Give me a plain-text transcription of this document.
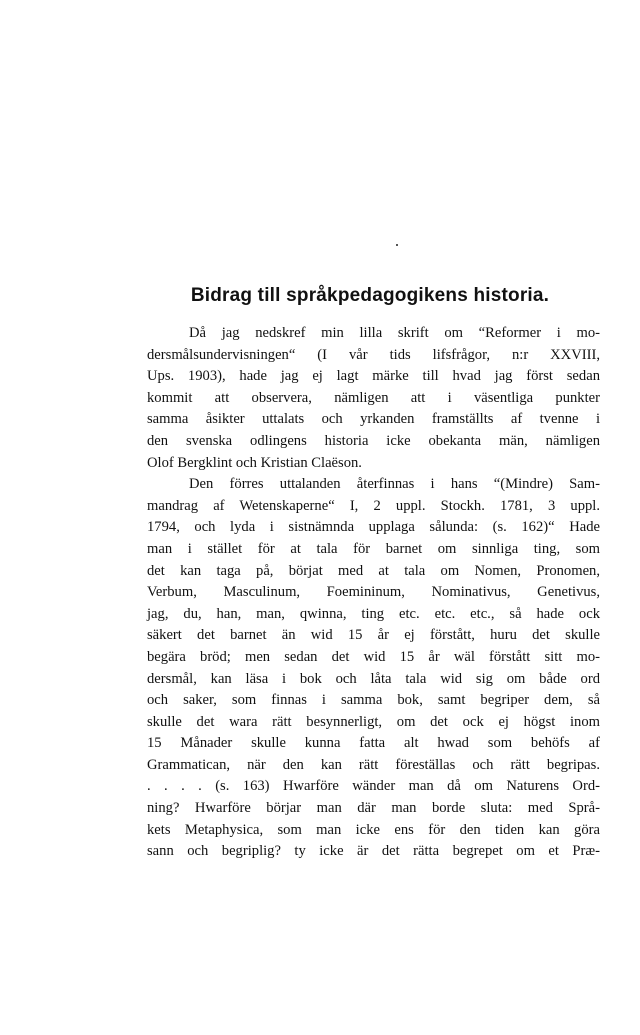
Bidrag till språkpedagogikens historia.
Då jag nedskref min lilla skrift om “Reformer i mo-
dersmålsundervisningen“ (I vår tids lifsfrågor, n:r XXVIII,
Ups. 1903), hade jag ej lagt märke till hvad jag först sedan
kommit att observera, nämligen att i väsentliga punkter
samma åsikter uttalats och yrkanden framställts af tvenne i
den svenska odlingens historia icke obekanta män, nämligen
Olof Bergklint och Kristian Claëson.
Den förres uttalanden återfinnas i hans “(Mindre) Sam-
mandrag af Wetenskaperne“ I, 2 uppl. Stockh. 1781, 3 uppl.
1794, och lyda i sistnämnda upplaga sålunda: (s. 162)“ Hade
man i stället för at tala för barnet om sinnliga ting, som
det kan taga på, börjat med at tala om Nomen, Pronomen,
Verbum, Masculinum, Foemininum, Nominativus, Genetivus,
jag, du, han, man, qwinna, ting etc. etc. etc., så hade ock
säkert det barnet än wid 15 år ej förstått, huru det skulle
begära bröd; men sedan det wid 15 år wäl förstått sitt mo-
dersmål, kan läsa i bok och låta tala wid sig om både ord
och saker, som finnas i samma bok, samt begriper dem, så
skulle det wara rätt besynnerligt, om det ock ej högst inom
15 Månader skulle kunna fatta alt hwad som behöfs af
Grammatican, när den kan rätt föreställas och rätt begripas.
. . . . (s. 163) Hwarföre wänder man då om Naturens Ord-
ning? Hwarföre börjar man där man borde sluta: med Språ-
kets Metaphysica, som man icke ens för den tiden kan göra
sann och begriplig? ty icke är det rätta begrepet om et Præ-
